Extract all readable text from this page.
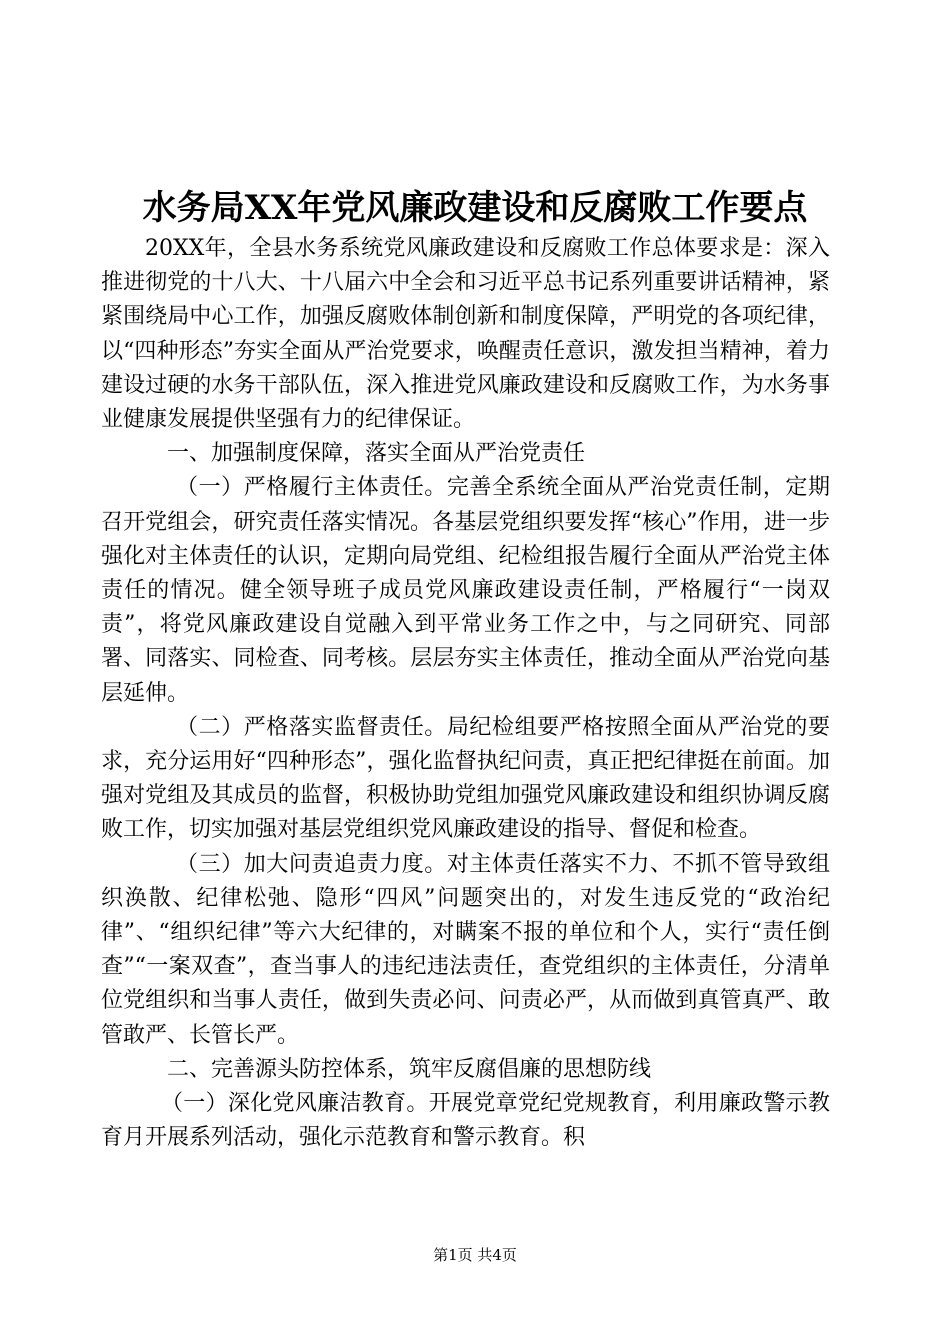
水务局XX年党风廉政建设和反腐败工作要点

20XX年，全县水务系统党风廉政建设和反腐败工作总体要求是：深入推进彻党的十八大、十八届六中全会和习近平总书记系列重要讲话精神，紧紧围绕局中心工作，加强反腐败体制创新和制度保障，严明党的各项纪律，以“四种形态”夯实全面从严治党要求，唤醒责任意识，激发担当精神，着力建设过硬的水务干部队伍，深入推进党风廉政建设和反腐败工作，为水务事业健康发展提供坚强有力的纪律保证。

一、加强制度保障，落实全面从严治党责任

（一）严格履行主体责任。完善全系统全面从严治党责任制，定期召开党组会，研究责任落实情况。各基层党组织要发挥“核心”作用，进一步强化对主体责任的认识，定期向局党组、纪检组报告履行全面从严治党主体责任的情况。健全领导班子成员党风廉政建设责任制，严格履行“一岗双责”，将党风廉政建设自觉融入到平常业务工作之中，与之同研究、同部署、同落实、同检查、同考核。层层夯实主体责任，推动全面从严治党向基层延伸。

（二）严格落实监督责任。局纪检组要严格按照全面从严治党的要求，充分运用好“四种形态”，强化监督执纪问责，真正把纪律挺在前面。加强对党组及其成员的监督，积极协助党组加强党风廉政建设和组织协调反腐败工作，切实加强对基层党组织党风廉政建设的指导、督促和检查。

（三）加大问责追责力度。对主体责任落实不力、不抓不管导致组织涣散、纪律松弛、隐形“四风”问题突出的，对发生违反党的“政治纪律”、“组织纪律”等六大纪律的，对瞒案不报的单位和个人，实行“责任倒查”“一案双查”，查当事人的违纪违法责任，查党组织的主体责任，分清单位党组织和当事人责任，做到失责必问、问责必严，从而做到真管真严、敢管敢严、长管长严。

二、完善源头防控体系，筑牢反腐倡廉的思想防线

（一）深化党风廉洁教育。开展党章党纪党规教育，利用廉政警示教育月开展系列活动，强化示范教育和警示教育。积

第1页 共4页
